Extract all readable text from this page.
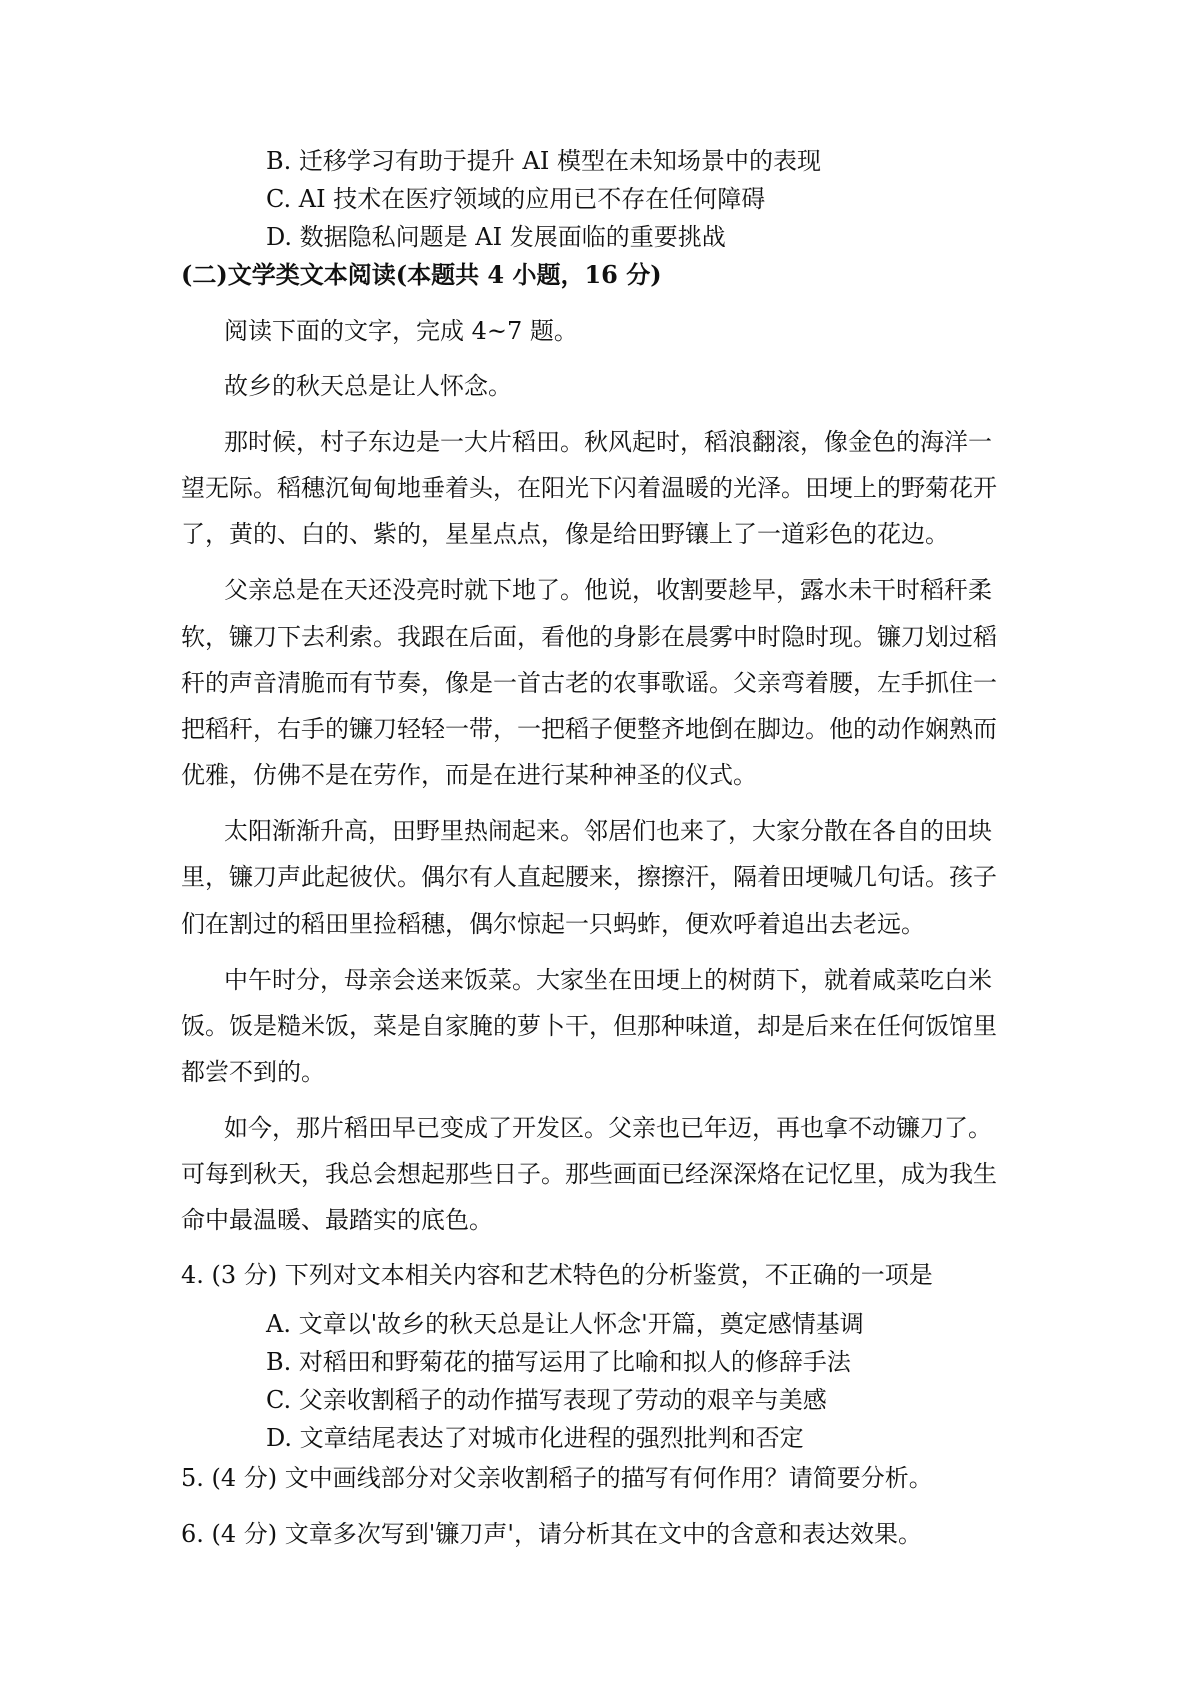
B. 迁移学习有助于提升 AI 模型在未知场景中的表现
C. AI 技术在医疗领域的应用已不存在任何障碍
D. 数据隐私问题是 AI 发展面临的重要挑战
(二)文学类文本阅读(本题共 4 小题，16 分)
阅读下面的文字，完成 4~7 题。
故乡的秋天总是让人怀念。
那时候，村子东边是一大片稻田。秋风起时，稻浪翻滚，像金色的海洋一
望无际。稻穗沉甸甸地垂着头，在阳光下闪着温暖的光泽。田埂上的野菊花开
了，黄的、白的、紫的，星星点点，像是给田野镶上了一道彩色的花边。
父亲总是在天还没亮时就下地了。他说，收割要趁早，露水未干时稻秆柔
软，镰刀下去利索。我跟在后面，看他的身影在晨雾中时隐时现。镰刀划过稻
秆的声音清脆而有节奏，像是一首古老的农事歌谣。父亲弯着腰，左手抓住一
把稻秆，右手的镰刀轻轻一带，一把稻子便整齐地倒在脚边。他的动作娴熟而
优雅，仿佛不是在劳作，而是在进行某种神圣的仪式。
太阳渐渐升高，田野里热闹起来。邻居们也来了，大家分散在各自的田块
里，镰刀声此起彼伏。偶尔有人直起腰来，擦擦汗，隔着田埂喊几句话。孩子
们在割过的稻田里捡稻穗，偶尔惊起一只蚂蚱，便欢呼着追出去老远。
中午时分，母亲会送来饭菜。大家坐在田埂上的树荫下，就着咸菜吃白米
饭。饭是糙米饭，菜是自家腌的萝卜干，但那种味道，却是后来在任何饭馆里
都尝不到的。
如今，那片稻田早已变成了开发区。父亲也已年迈，再也拿不动镰刀了。
可每到秋天，我总会想起那些日子。那些画面已经深深烙在记忆里，成为我生
命中最温暖、最踏实的底色。
4. (3 分) 下列对文本相关内容和艺术特色的分析鉴赏，不正确的一项是
A. 文章以'故乡的秋天总是让人怀念'开篇，奠定感情基调
B. 对稻田和野菊花的描写运用了比喻和拟人的修辞手法
C. 父亲收割稻子的动作描写表现了劳动的艰辛与美感
D. 文章结尾表达了对城市化进程的强烈批判和否定
5. (4 分) 文中画线部分对父亲收割稻子的描写有何作用？请简要分析。
6. (4 分) 文章多次写到'镰刀声'，请分析其在文中的含意和表达效果。
